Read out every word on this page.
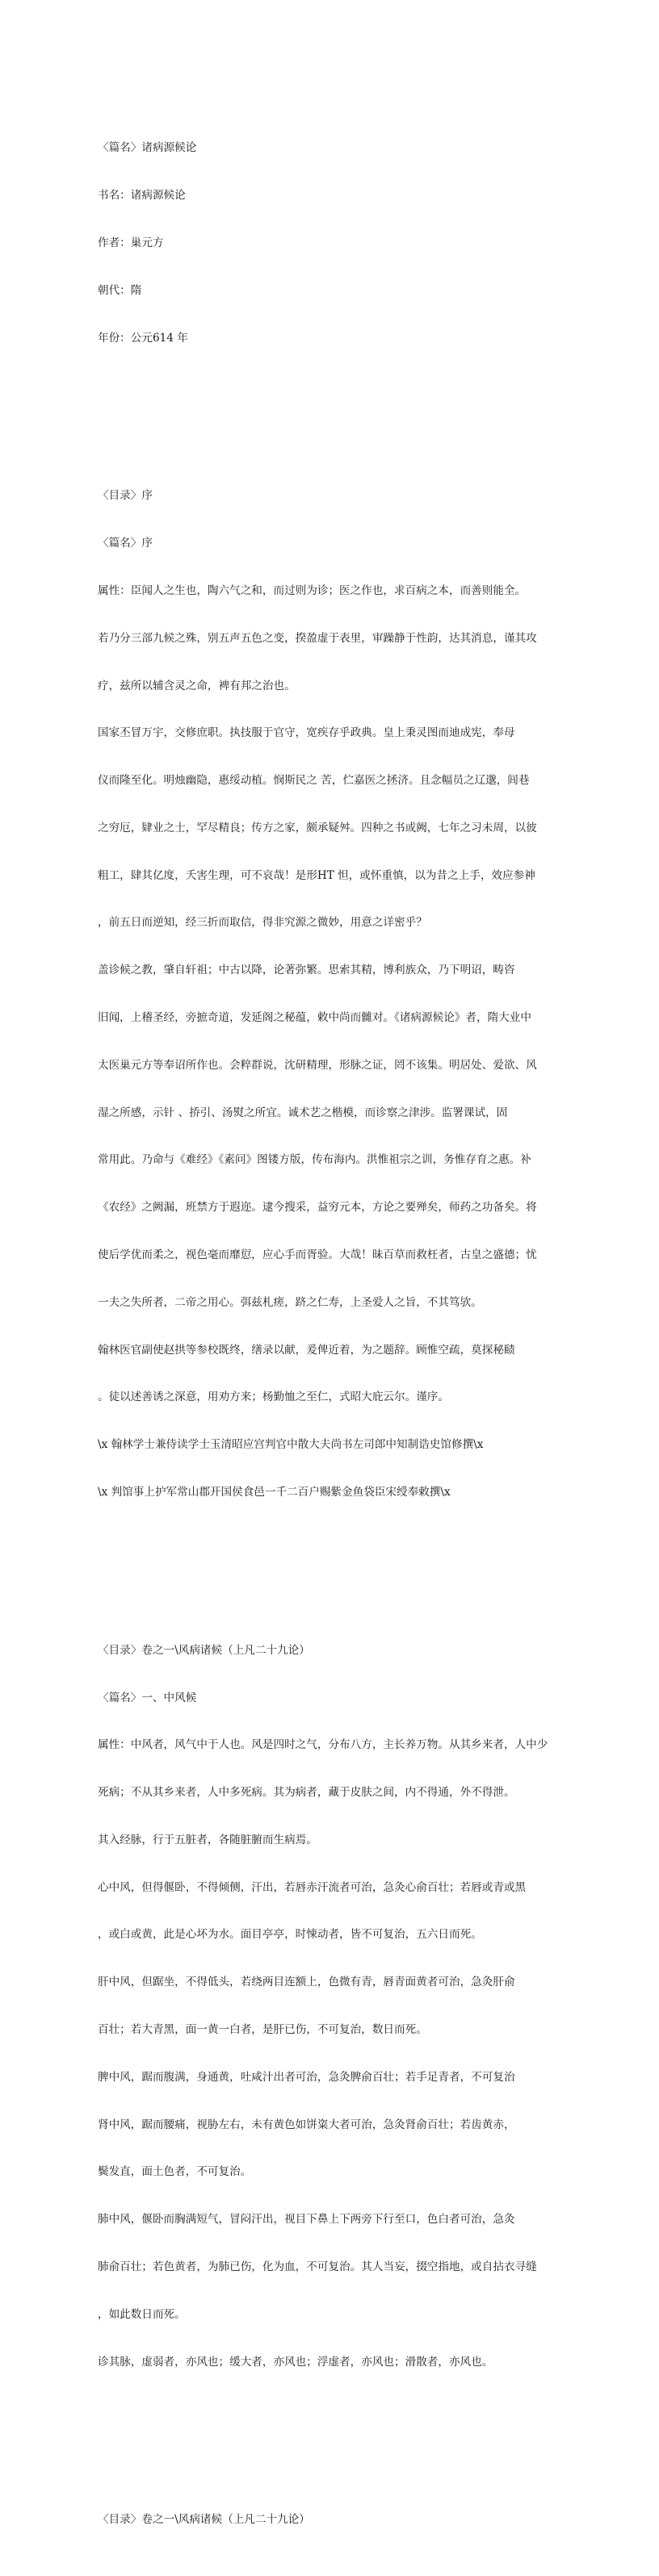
〈篇名〉诸病源候论

书名：诸病源候论

作者：巢元方

朝代：隋

年份：公元614 年

〈目录〉序

〈篇名〉序

属性：臣闻人之生也，陶六气之和，而过则为诊；医之作也，求百病之本，而善则能全。

若乃分三部九候之殊，别五声五色之变，揆盈虚于表里，审躁静于性韵，达其消息，谨其攻

疗，兹所以辅含灵之命，裨有邦之治也。

国家丕冒万宇，交修庶职。执技服于官守，宽疾存乎政典。皇上秉灵图而迪成宪，奉母

仪而隆至化。明烛幽隐，惠绥动植。悯斯民之 苦，伫嘉医之拯济。且念幅员之辽邈，闾巷

之穷厄，肄业之士，罕尽精良；传方之家，颇承疑舛。四种之书或阙，七年之习未周，以彼

粗工，肆其亿度，夭害生理，可不哀哉！是形HT 怛，或怀重慎，以为昔之上手，效应参神

，前五日而逆知，经三折而取信，得非究源之微妙，用意之详密乎？

盖诊候之教，肇自轩祖；中古以降，论著弥繁。思索其精，博利族众，乃下明诏，畴咨

旧闻，上稽圣经，旁摭奇道，发延阁之秘蕴，敕中尚而雠对。《诸病源候论》者，隋大业中

太医巢元方等奉诏所作也。会粹群说，沈研精理，形脉之证，罔不该集。明居处、爱欲、风

湿之所感，示针 、挢引、汤熨之所宜。诚术艺之楷模，而诊察之津涉。监署课试，固

常用此。乃命与《难经》《素问》图镂方版，传布海内。洪惟祖宗之训，务惟存育之惠。补

《农经》之阙漏，班禁方于遐迩。逮今搜采，益穷元本，方论之要殚矣，师药之功备矣。将

使后学优而柔之，视色毫而靡愆，应心手而胥验。大哉！昧百草而救枉者，古皇之盛德；忧

一夫之失所者，二帝之用心。弭兹札瘥，跻之仁寿，上圣爱人之旨，不其笃欤。

翰林医官副使赵拱等参校既终，缮录以献，爰俾近着，为之题辞。顾惟空疏，莫探秘赜

。徒以述善诱之深意，用劝方来；杨勤恤之至仁，式昭大庇云尔。谨序。

\x 翰林学士兼侍读学士玉清昭应宫判官中散大夫尚书左司郎中知制诰史馆修撰\x

\x 判馆事上护军常山郡开国侯食邑一千二百户赐紫金鱼袋臣宋绶奉敕撰\x

〈目录〉卷之一\风病诸候（上凡二十九论）

〈篇名〉一、中风候

属性：中风者，风气中于人也。风是四时之气，分布八方，主长养万物。从其乡来者，人中少

死病；不从其乡来者，人中多死病。其为病者，藏于皮肤之间，内不得通，外不得泄。

其入经脉，行于五脏者，各随脏腑而生病焉。

心中风，但得偃卧，不得倾侧，汗出，若唇赤汗流者可治，急灸心俞百壮；若唇或青或黑

，或白或黄，此是心坏为水。面目亭亭，时悚动者，皆不可复治，五六日而死。

肝中风，但踞坐，不得低头，若绕两目连额上，色微有青，唇青面黄者可治，急灸肝俞

百壮；若大青黑，面一黄一白者，是肝已伤，不可复治，数日而死。

脾中风，踞而腹满，身通黄，吐咸汁出者可治，急灸脾俞百壮；若手足青者，不可复治

肾中风，踞而腰痛，视胁左右，未有黄色如饼粢大者可治，急灸肾俞百壮；若齿黄赤，

鬓发直，面土色者，不可复治。

肺中风，偃卧而胸满短气，冒闷汗出，视目下鼻上下两旁下行至口，色白者可治，急灸

肺俞百壮；若色黄者，为肺已伤，化为血，不可复治。其人当妄，掇空指地，或自拈衣寻缝

，如此数日而死。

诊其脉，虚弱者，亦风也；缓大者，亦风也；浮虚者，亦风也；滑散者，亦风也。

〈目录〉卷之一\风病诸候（上凡二十九论）
